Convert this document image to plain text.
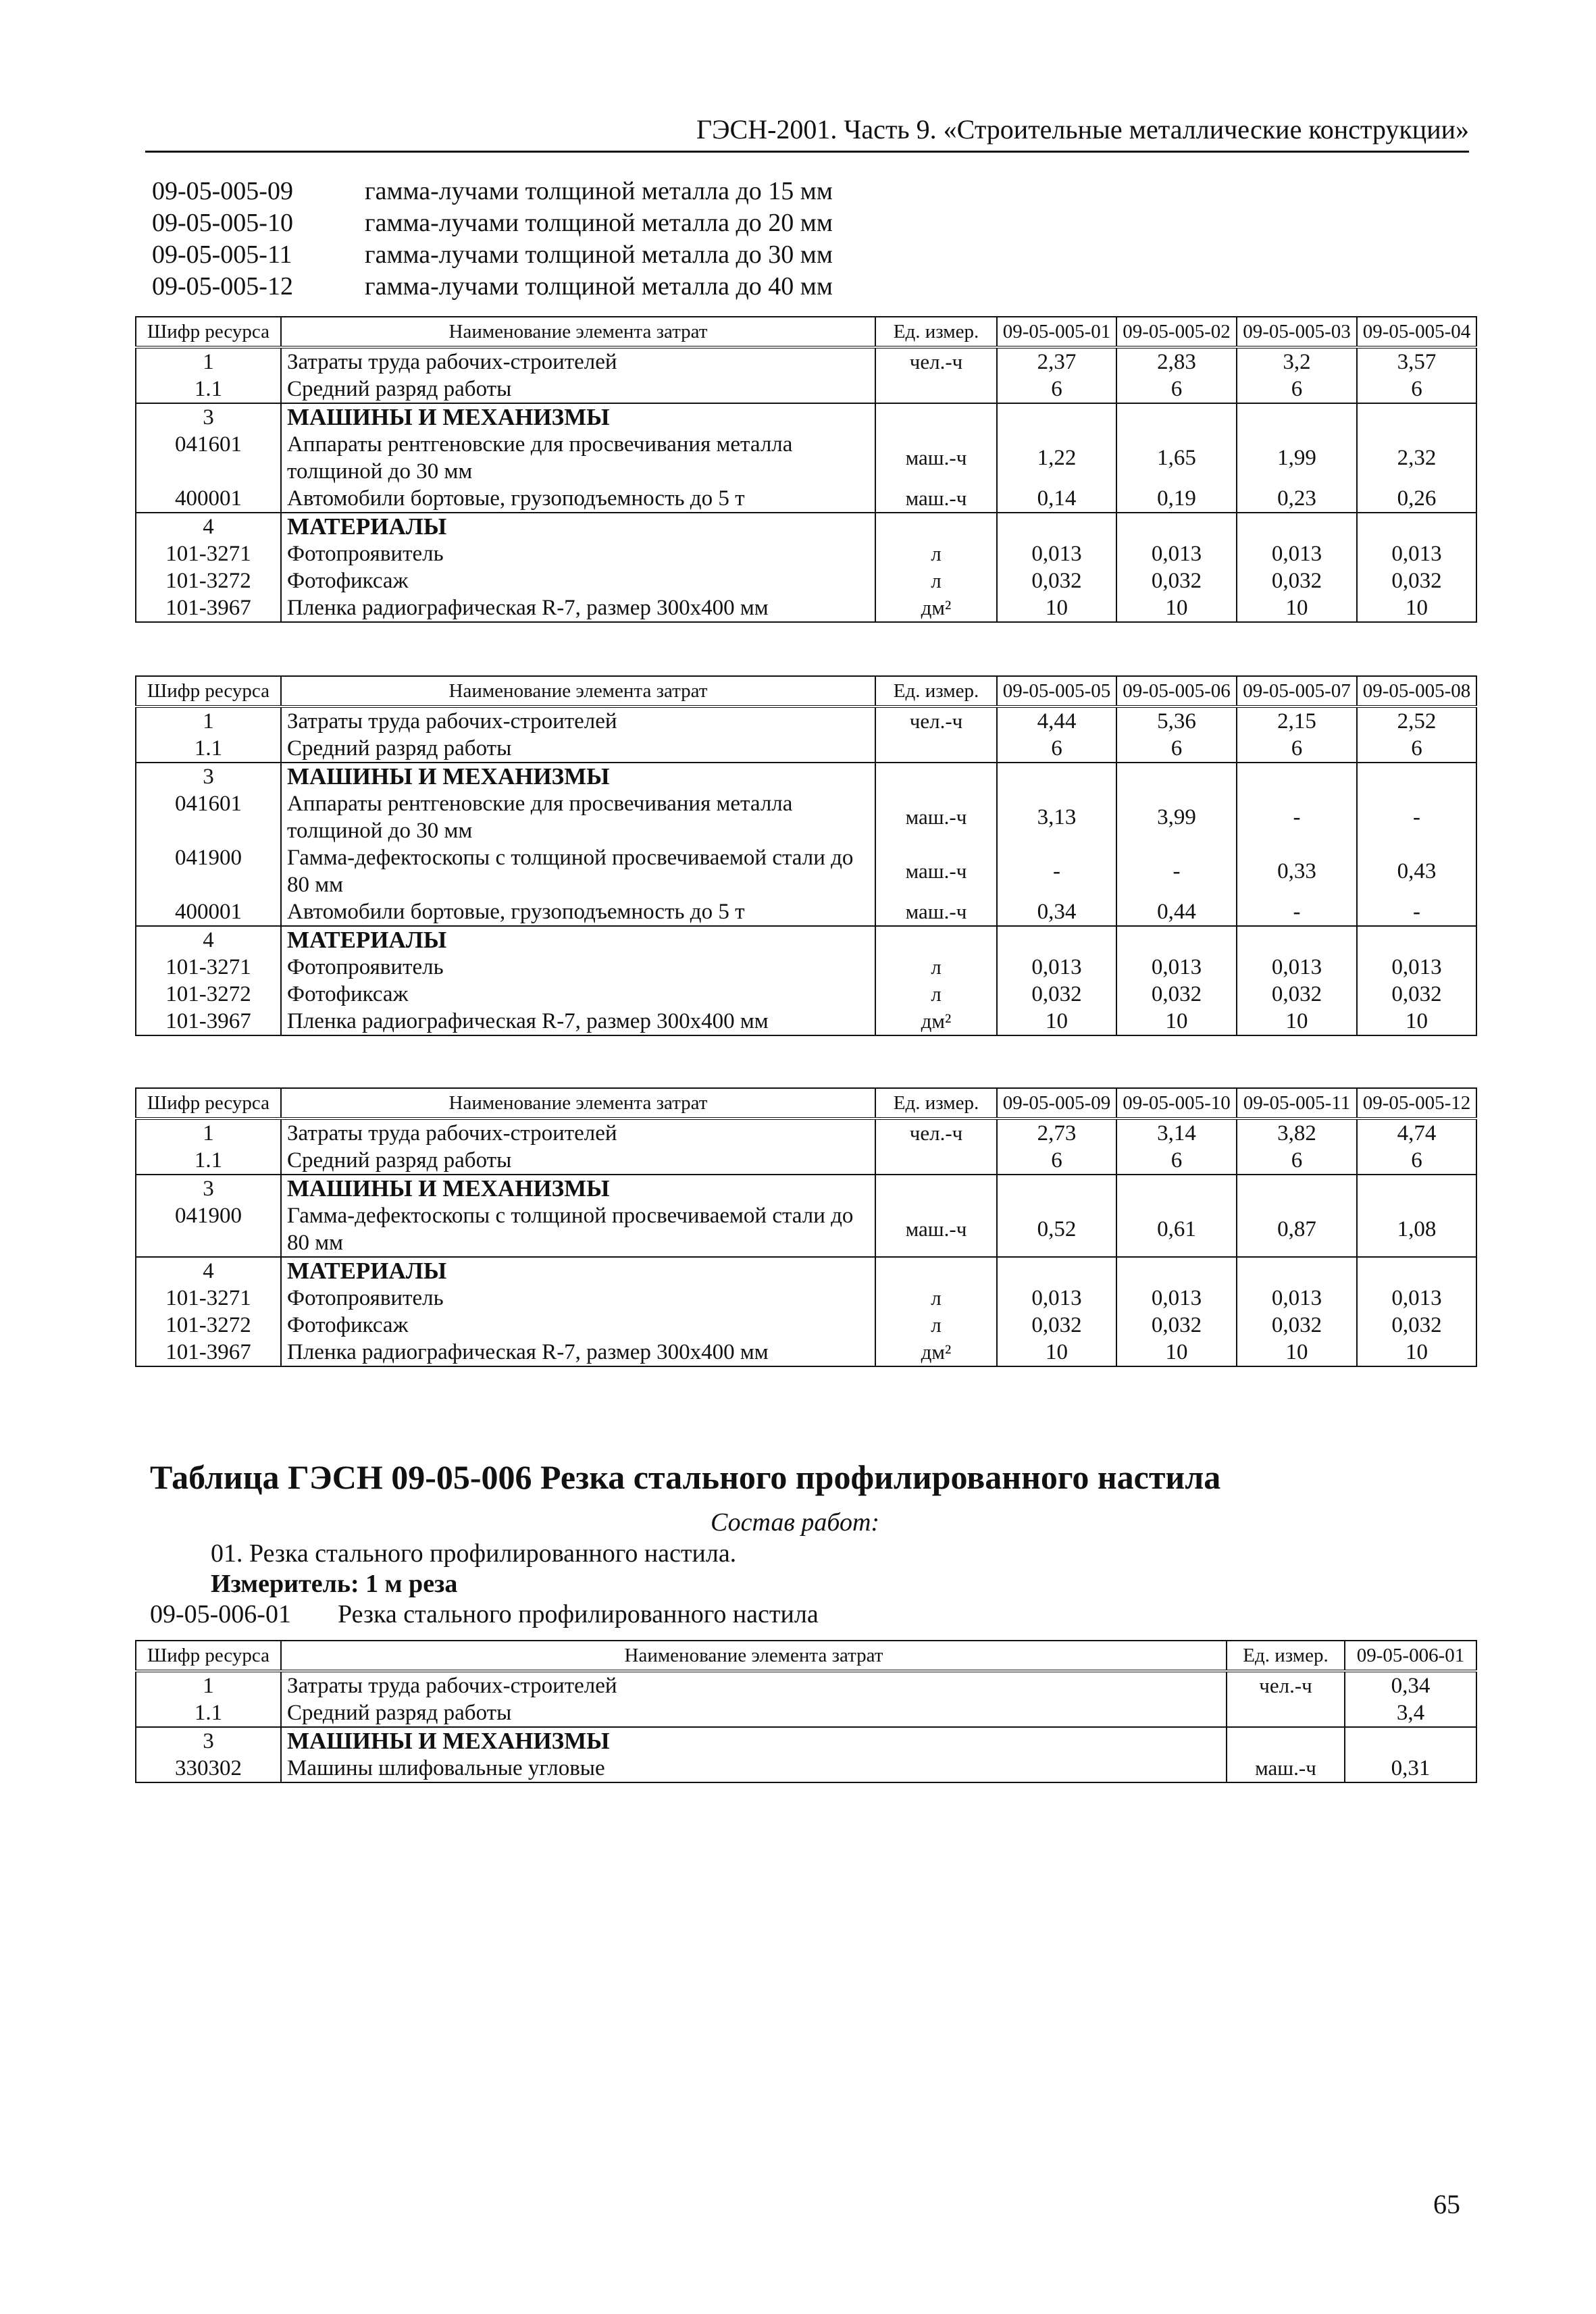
ГЭСН-2001. Часть 9. «Строительные металлические конструкции»
09-05-005-09	гамма-лучами толщиной металла до 15 мм
09-05-005-10	гамма-лучами толщиной металла до 20 мм
09-05-005-11	гамма-лучами толщиной металла до 30 мм
09-05-005-12	гамма-лучами толщиной металла до 40 мм
Шифр ресурса	Наименование элемента затрат	Ед. измер.	09-05-005-01	09-05-005-02	09-05-005-03	09-05-005-04
1	Затраты труда рабочих-строителей	чел.-ч	2,37	2,83	3,2	3,57
1.1	Средний разряд работы		6	6	6	6
3	МАШИНЫ И МЕХАНИЗМЫ					
041601	Аппараты рентгеновские для просвечивания металла толщиной до 30 мм	маш.-ч	1,22	1,65	1,99	2,32
400001	Автомобили бортовые, грузоподъемность до 5 т	маш.-ч	0,14	0,19	0,23	0,26
4	МАТЕРИАЛЫ					
101-3271	Фотопроявитель	л	0,013	0,013	0,013	0,013
101-3272	Фотофиксаж	л	0,032	0,032	0,032	0,032
101-3967	Пленка радиографическая R-7, размер 300х400 мм	дм²	10	10	10	10
Шифр ресурса	Наименование элемента затрат	Ед. измер.	09-05-005-05	09-05-005-06	09-05-005-07	09-05-005-08
1	Затраты труда рабочих-строителей	чел.-ч	4,44	5,36	2,15	2,52
1.1	Средний разряд работы		6	6	6	6
3	МАШИНЫ И МЕХАНИЗМЫ					
041601	Аппараты рентгеновские для просвечивания металла толщиной до 30 мм	маш.-ч	3,13	3,99	-	-
041900	Гамма-дефектоскопы с толщиной просвечиваемой стали до 80 мм	маш.-ч	-	-	0,33	0,43
400001	Автомобили бортовые, грузоподъемность до 5 т	маш.-ч	0,34	0,44	-	-
4	МАТЕРИАЛЫ					
101-3271	Фотопроявитель	л	0,013	0,013	0,013	0,013
101-3272	Фотофиксаж	л	0,032	0,032	0,032	0,032
101-3967	Пленка радиографическая R-7, размер 300х400 мм	дм²	10	10	10	10
Шифр ресурса	Наименование элемента затрат	Ед. измер.	09-05-005-09	09-05-005-10	09-05-005-11	09-05-005-12
1	Затраты труда рабочих-строителей	чел.-ч	2,73	3,14	3,82	4,74
1.1	Средний разряд работы		6	6	6	6
3	МАШИНЫ И МЕХАНИЗМЫ					
041900	Гамма-дефектоскопы с толщиной просвечиваемой стали до 80 мм	маш.-ч	0,52	0,61	0,87	1,08
4	МАТЕРИАЛЫ					
101-3271	Фотопроявитель	л	0,013	0,013	0,013	0,013
101-3272	Фотофиксаж	л	0,032	0,032	0,032	0,032
101-3967	Пленка радиографическая R-7, размер 300х400 мм	дм²	10	10	10	10
Таблица ГЭСН 09-05-006 Резка стального профилированного настила
Состав работ:
01. Резка стального профилированного настила.
Измеритель: 1 м реза
09-05-006-01 Резка стального профилированного настила
Шифр ресурса	Наименование элемента затрат	Ед. измер.	09-05-006-01
1	Затраты труда рабочих-строителей	чел.-ч	0,34
1.1	Средний разряд работы		3,4
3	МАШИНЫ И МЕХАНИЗМЫ		
330302	Машины шлифовальные угловые	маш.-ч	0,31
65
